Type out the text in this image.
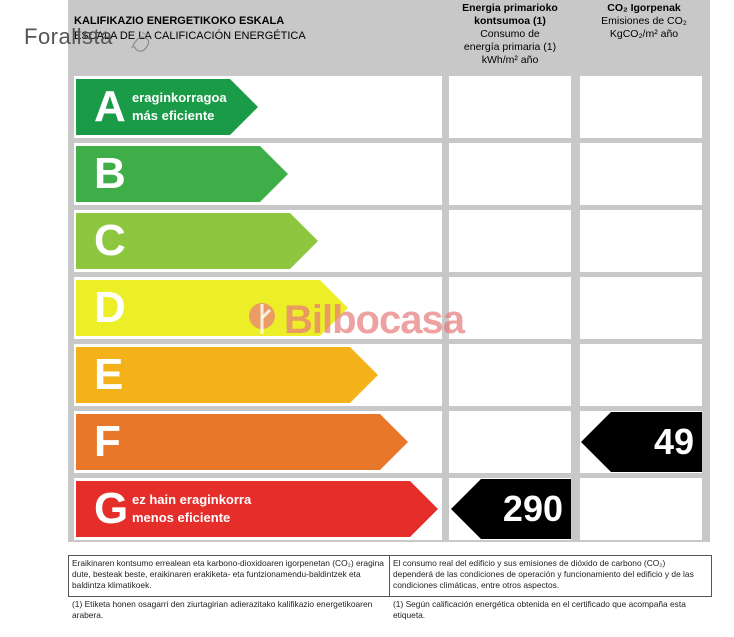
KALIFIKAZIO ENERGETIKOKO ESKALA
ESCALA DE LA CALIFICACIÓN ENERGÉTICA
Energia primarioko
kontsumoa (1)
Consumo de
energía primaria (1)
kWh/m² año
CO₂ Igorpenak
Emisiones de CO₂
KgCO₂/m² año
A eraginkorragoa
más eficiente
B
C
D
E
F
G ez hain eraginkorra
menos eficiente	290
49
Forallsta
Bilbocasa
Eraikinaren kontsumo errealean eta karbono-dioxidoaren igorpenetan (CO₂) eragina dute, besteak beste, eraikinaren erakiketa- eta funtzionamendu-baldintzek eta baldintza klimatikoek.
El consumo real del edificio y sus emisiones de dióxido de carbono (CO₂) dependerá de las condiciones de operación y funcionamiento del edificio y de las condiciones climáticas, entre otros aspectos.
(1) Etiketa honen osagarri den ziurtagirian adierazitako kalifikazio energetikoaren arabera.
(1) Según calificación energética obtenida en el certificado que acompaña esta etiqueta.
